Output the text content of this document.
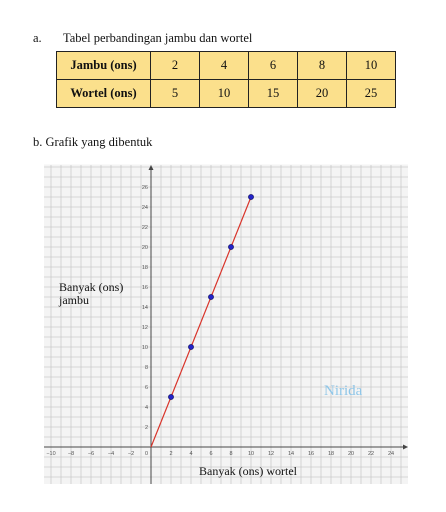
a. Tabel perbandingan jambu dan wortel
Jambu (ons)	2	4	6	8	10
Wortel (ons)	5	10	15	20	25
b. Grafik yang dibentuk
−10 −8 −6 −4 −2	2	4	6	8	10	12	14	16	18	20	22	24
2
4
6
8
10
12
14
16
18
20
22
24
26
0
Banyak (ons)
jambu
Banyak (ons) wortel
Nirida
